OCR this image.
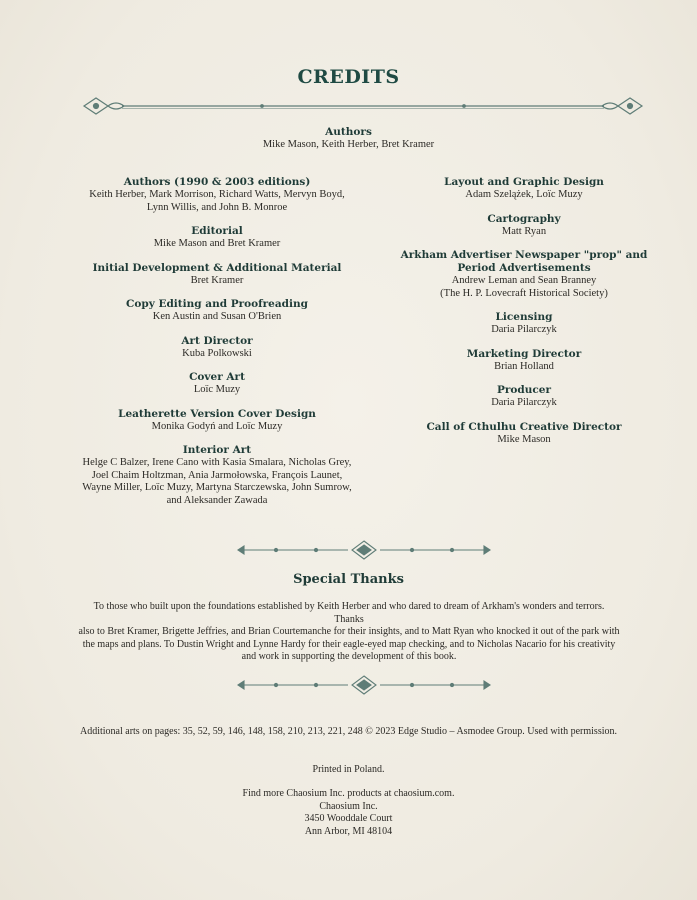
CREDITS
Authors
Mike Mason, Keith Herber, Bret Kramer
Authors (1990 & 2003 editions)
Keith Herber, Mark Morrison, Richard Watts, Mervyn Boyd,
Lynn Willis, and John B. Monroe
Editorial
Mike Mason and Bret Kramer
Initial Development & Additional Material
Bret Kramer
Copy Editing and Proofreading
Ken Austin and Susan O'Brien
Art Director
Kuba Polkowski
Cover Art
Loïc Muzy
Leatherette Version Cover Design
Monika Godyń and Loïc Muzy
Interior Art
Helge C Balzer, Irene Cano with Kasia Smalara, Nicholas Grey,
Joel Chaim Holtzman, Ania Jarmołowska, François Launet,
Wayne Miller, Loïc Muzy, Martyna Starczewska, John Sumrow,
and Aleksander Zawada
Layout and Graphic Design
Adam Szelążek, Loïc Muzy
Cartography
Matt Ryan
Arkham Advertiser Newspaper "prop" and
Period Advertisements
Andrew Leman and Sean Branney
(The H. P. Lovecraft Historical Society)
Licensing
Daria Pilarczyk
Marketing Director
Brian Holland
Producer
Daria Pilarczyk
Call of Cthulhu Creative Director
Mike Mason
Special Thanks
To those who built upon the foundations established by Keith Herber and who dared to dream of Arkham's wonders and terrors. Thanks
also to Bret Kramer, Brigette Jeffries, and Brian Courtemanche for their insights, and to Matt Ryan who knocked it out of the park with
the maps and plans. To Dustin Wright and Lynne Hardy for their eagle-eyed map checking, and to Nicholas Nacario for his creativity
and work in supporting the development of this book.
Additional arts on pages: 35, 52, 59, 146, 148, 158, 210, 213, 221, 248 © 2023 Edge Studio – Asmodee Group. Used with permission.
Printed in Poland.
Find more Chaosium Inc. products at chaosium.com.
Chaosium Inc.
3450 Wooddale Court
Ann Arbor, MI 48104
